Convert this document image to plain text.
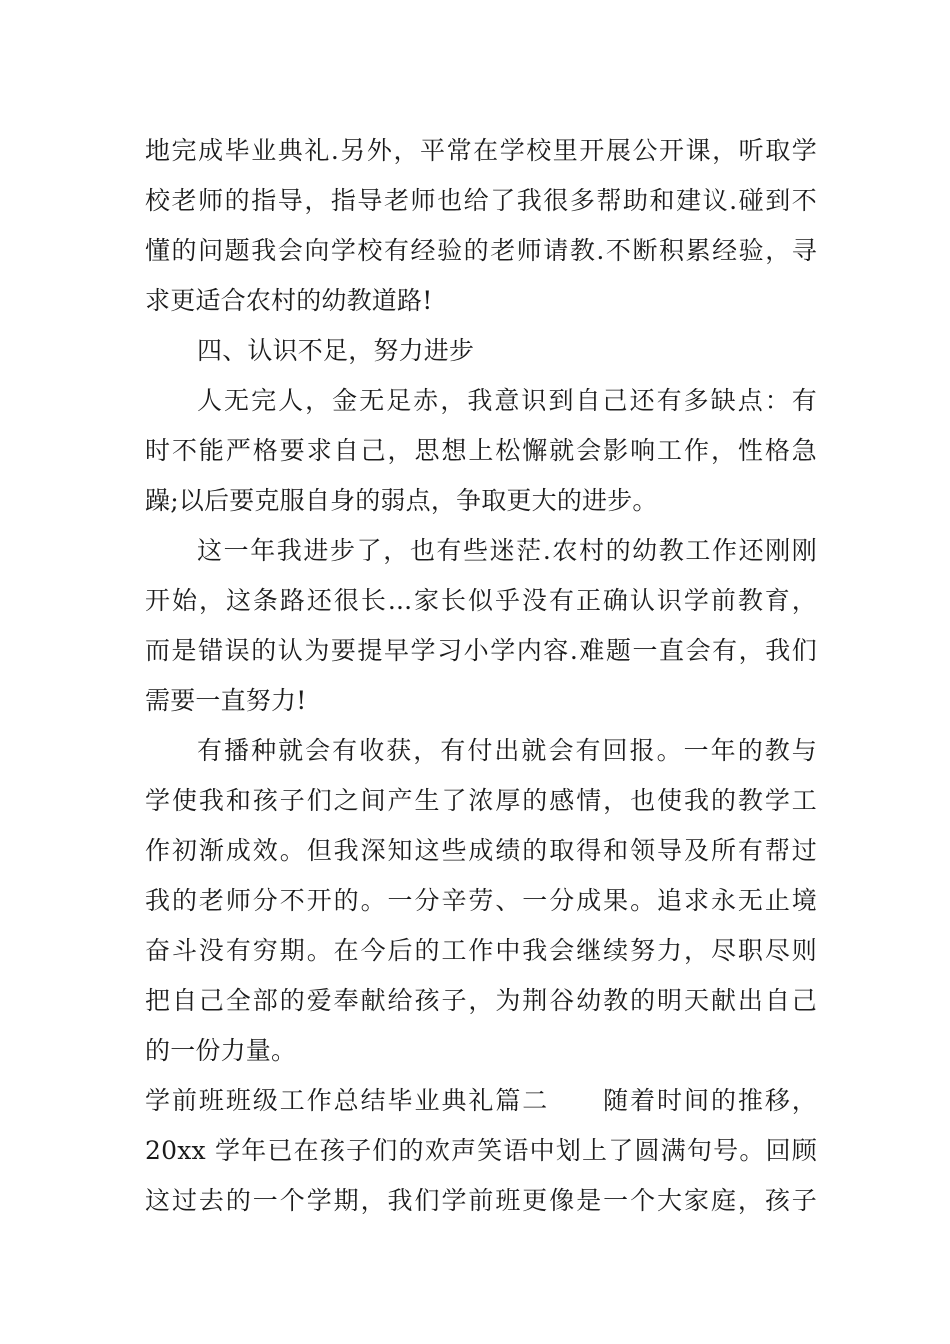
地完成毕业典礼.另外，平常在学校里开展公开课，听取学
校老师的指导，指导老师也给了我很多帮助和建议.碰到不
懂的问题我会向学校有经验的老师请教.不断积累经验，寻
求更适合农村的幼教道路!
四、认识不足，努力进步
人无完人，金无足赤，我意识到自己还有多缺点：有
时不能严格要求自己，思想上松懈就会影响工作，性格急
躁;以后要克服自身的弱点，争取更大的进步。
这一年我进步了，也有些迷茫.农村的幼教工作还刚刚
开始，这条路还很长...家长似乎没有正确认识学前教育，
而是错误的认为要提早学习小学内容.难题一直会有，我们
需要一直努力!
有播种就会有收获，有付出就会有回报。一年的教与
学使我和孩子们之间产生了浓厚的感情，也使我的教学工
作初渐成效。但我深知这些成绩的取得和领导及所有帮过
我的老师分不开的。一分辛劳、一分成果。追求永无止境
奋斗没有穷期。在今后的工作中我会继续努力，尽职尽则
把自己全部的爱奉献给孩子，为荆谷幼教的明天献出自己
的一份力量。
学前班班级工作总结毕业典礼篇二　　随着时间的推移，
20xx 学年已在孩子们的欢声笑语中划上了圆满句号。回顾
这过去的一个学期，我们学前班更像是一个大家庭，孩子
